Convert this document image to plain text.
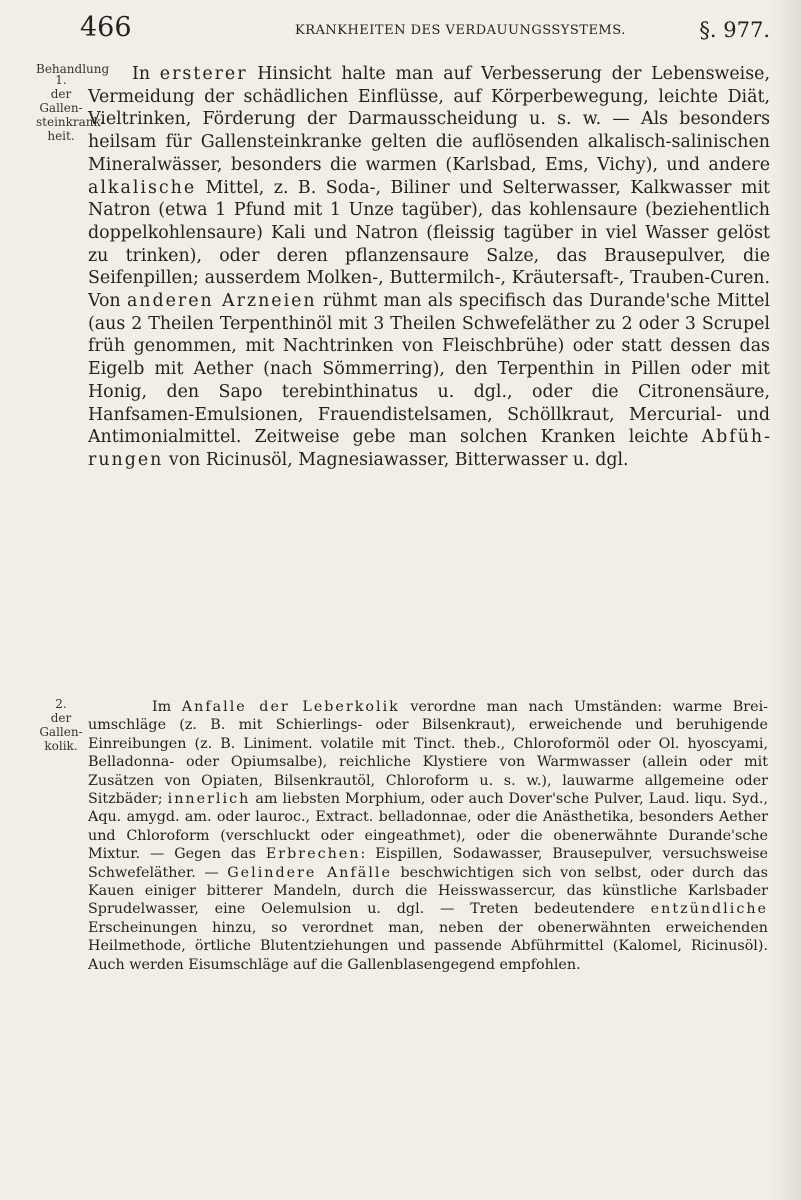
466	KRANKHEITEN DES VERDAUUNGSSYSTEMS.	§. 977.
Behandlung
1.
der Gallen-
steinkrank-
heit.
2.
der Gallen-
kolik.

In ersterer Hinsicht halte man auf Verbesserung der Lebensweise, Vermeidung der schädlichen Einflüsse, auf Körperbewegung, leichte Diät, Vieltrinken, Förderung der Darmausscheidung u. s. w. — Als besonders heilsam für Gallensteinkranke gelten die auflösenden alkalisch-salinischen Mineralwässer, besonders die warmen (Karlsbad, Ems, Vichy), und andere alkalische Mittel, z. B. Soda-, Biliner und Selterwasser, Kalkwasser mit Natron (etwa 1 Pfund mit 1 Unze tagüber), das kohlensaure (beziehentlich doppelkohlensaure) Kali und Natron (fleissig tagüber in viel Wasser gelöst zu trinken), oder deren pflanzensaure Salze, das Brausepulver, die Seifenpillen; ausserdem Molken-, Buttermilch-, Kräutersaft-, Trauben-Curen. Von anderen Arzneien rühmt man als specifisch das Durande'sche Mittel (aus 2 Theilen Terpenthinöl mit 3 Theilen Schwefeläther zu 2 oder 3 Scrupel früh genommen, mit Nachtrinken von Fleischbrühe) oder statt dessen das Eigelb mit Aether (nach Sömmerring), den Terpenthin in Pillen oder mit Honig, den Sapo terebinthinatus u. dgl., oder die Citronensäure, Hanfsamen-Emulsionen, Frauendistelsamen, Schöllkraut, Mercurial- und Antimonialmittel. Zeitweise gebe man solchen Kranken leichte Abführungen von Ricinusöl, Magnesiawasser, Bitterwasser u. dgl.

Im Anfalle der Leberkolik verordne man nach Umständen: warme Breiumschläge (z. B. mit Schierlings- oder Bilsenkraut), erweichende und beruhigende Einreibungen (z. B. Liniment. volatile mit Tinct. theb., Chloroformöl oder Ol. hyoscyami, Belladonna- oder Opiumsalbe), reichliche Klystiere von Warmwasser (allein oder mit Zusätzen von Opiaten, Bilsenkrautöl, Chloroform u. s. w.), lauwarme allgemeine oder Sitzbäder; innerlich am liebsten Morphium, oder auch Dover'sche Pulver, Laud. liqu. Syd., Aqu. amygd. am. oder lauroc., Extract. belladonnae, oder die Anästhetika, besonders Aether und Chloroform (verschluckt oder eingeathmet), oder die obenerwähnte Durande'sche Mixtur. — Gegen das Erbrechen: Eispillen, Sodawasser, Brausepulver, versuchsweise Schwefeläther. — Gelindere Anfälle beschwichtigen sich von selbst, oder durch das Kauen einiger bitterer Mandeln, durch die Heisswassercur, das künstliche Karlsbader Sprudelwasser, eine Oelemulsion u. dgl. — Treten bedeutendere entzündliche Erscheinungen hinzu, so verordnet man, neben der obenerwähnten erweichenden Heilmethode, örtliche Blutentziehungen und passende Abführmittel (Kalomel, Ricinusöl). Auch werden Eisumschläge auf die Gallenblasengegend empfohlen.
